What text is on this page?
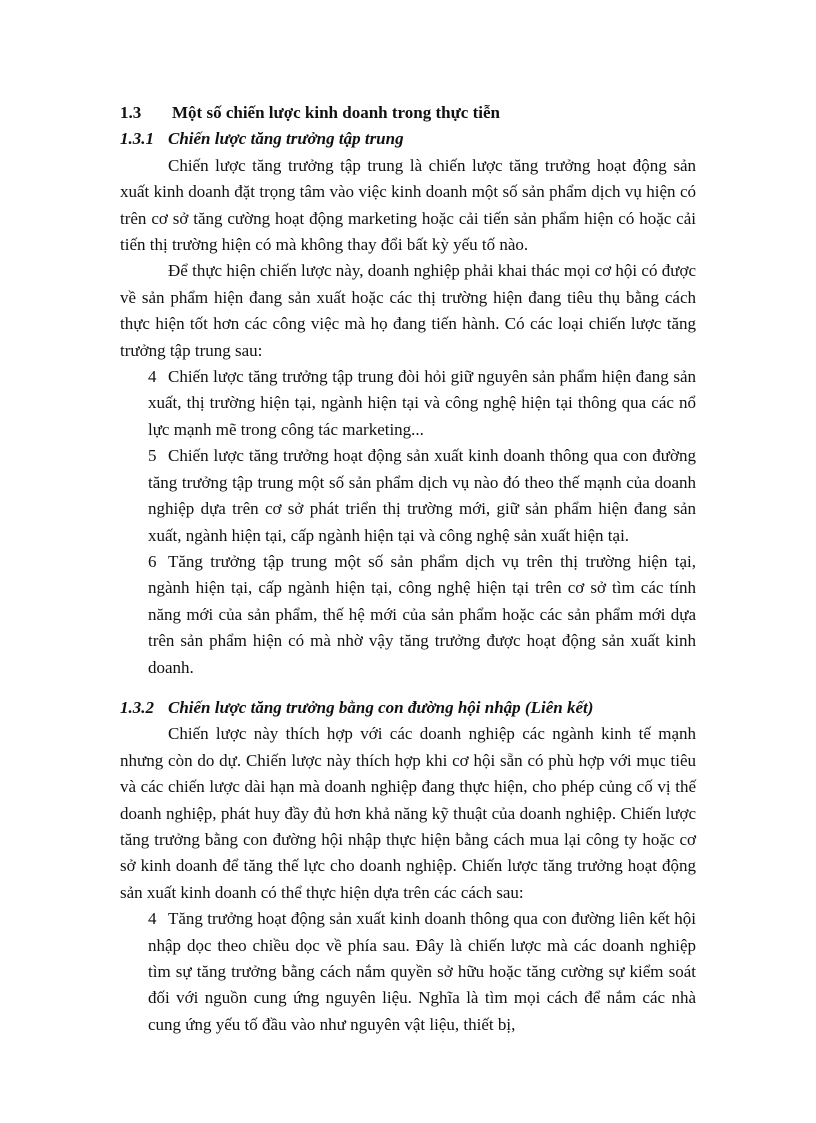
1.3 Một số chiến lược kinh doanh trong thực tiễn

1.3.1 Chiến lược tăng trưởng tập trung

Chiến lược tăng trưởng tập trung là chiến lược tăng trưởng hoạt động sản xuất kinh doanh đặt trọng tâm vào việc kinh doanh một số sản phẩm dịch vụ hiện có trên cơ sở tăng cường hoạt động marketing hoặc cải tiến sản phẩm hiện có hoặc cải tiến thị trường hiện có mà không thay đổi bất kỳ yếu tố nào.

Để thực hiện chiến lược này, doanh nghiệp phải khai thác mọi cơ hội có được về sản phẩm hiện đang sản xuất hoặc các thị trường hiện đang tiêu thụ bằng cách thực hiện tốt hơn các công việc mà họ đang tiến hành. Có các loại chiến lược tăng trưởng tập trung sau:

4 Chiến lược tăng trưởng tập trung đòi hỏi giữ nguyên sản phẩm hiện đang sản xuất, thị trường hiện tại, ngành hiện tại và công nghệ hiện tại thông qua các nổ lực mạnh mẽ trong công tác marketing...

5 Chiến lược tăng trưởng hoạt động sản xuất kinh doanh thông qua con đường tăng trưởng tập trung một số sản phẩm dịch vụ nào đó theo thế mạnh của doanh nghiệp dựa trên cơ sở phát triển thị trường mới, giữ sản phẩm hiện đang sản xuất, ngành hiện tại, cấp ngành hiện tại và công nghệ sản xuất hiện tại.

6 Tăng trưởng tập trung một số sản phẩm dịch vụ trên thị trường hiện tại, ngành hiện tại, cấp ngành hiện tại, công nghệ hiện tại trên cơ sở tìm các tính năng mới của sản phẩm, thế hệ mới của sản phẩm hoặc các sản phẩm mới dựa trên sản phẩm hiện có mà nhờ vậy tăng trưởng được hoạt động sản xuất kinh doanh.

1.3.2 Chiến lược tăng trưởng bằng con đường hội nhập (Liên kết)

Chiến lược này thích hợp với các doanh nghiệp các ngành kinh tế mạnh nhưng còn do dự. Chiến lược này thích hợp khi cơ hội sẵn có phù hợp với mục tiêu và các chiến lược dài hạn mà doanh nghiệp đang thực hiện, cho phép củng cố vị thế doanh nghiệp, phát huy đầy đủ hơn khả năng kỹ thuật của doanh nghiệp. Chiến lược tăng trưởng bằng con đường hội nhập thực hiện bằng cách mua lại công ty hoặc cơ sở kinh doanh để tăng thế lực cho doanh nghiệp. Chiến lược tăng trưởng hoạt động sản xuất kinh doanh có thể thực hiện dựa trên các cách sau:

4 Tăng trưởng hoạt động sản xuất kinh doanh thông qua con đường liên kết hội nhập dọc theo chiều dọc về phía sau. Đây là chiến lược mà các doanh nghiệp tìm sự tăng trưởng bằng cách nắm quyền sở hữu hoặc tăng cường sự kiểm soát đối với nguồn cung ứng nguyên liệu. Nghĩa là tìm mọi cách để nắm các nhà cung ứng yếu tố đầu vào như nguyên vật liệu, thiết bị,
